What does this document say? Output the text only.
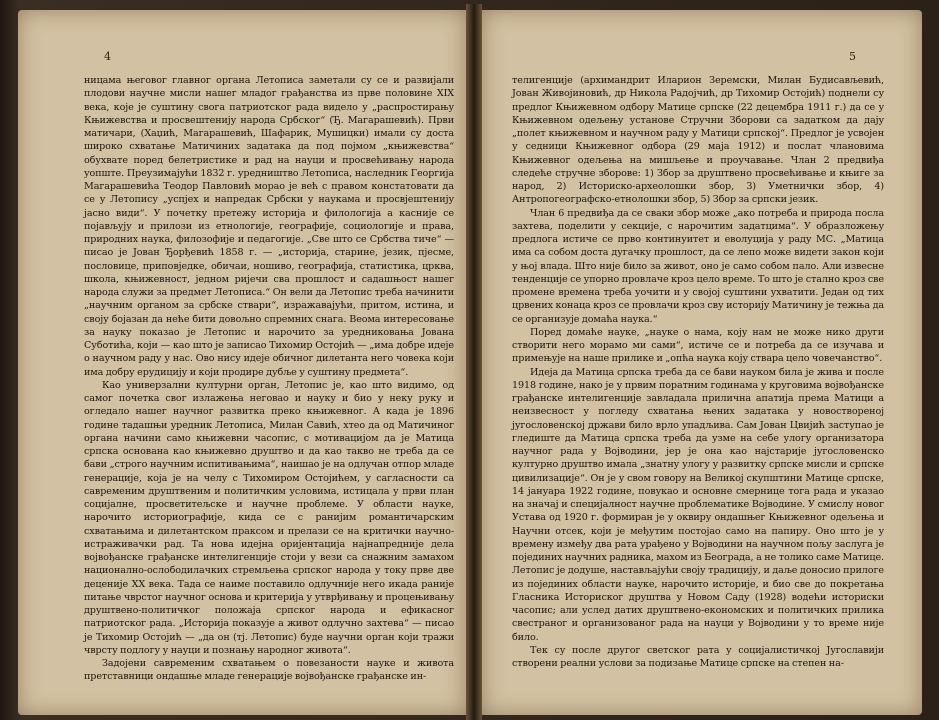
4

ницама његовог главног органа Летописа заметали су се и развијали плодови научне мисли нашег младог грађанства из прве половине XIX века, које је суштину свога патриотског рада видело у „распростирању Књижевства и просвештенију народа Србског“ (Ђ. Магарашевић). Први матичари, (Хаџић, Магарашевић, Шафарик, Мушицки) имали су доста широко схватање Матичиних задатака да под појмом „књижевства“ обухвате поред белетристике и рад на науци и просвећивању народа уопште. Преузимајући 1832 г. уредништво Летописа, наследник Георгија Магарашевића Теодор Павловић морао је већ с правом констатовати да се у Летопису „успјех и напредак Србски у наукама и просвјештенију јасно види“. У почетку претежу историја и филологија а касније се појављују и прилози из етнологије, географије, социологије и права, природних наука, филозофије и педагогије. „Све што се Србства тиче“ — писао је Јован Ђорђевић 1858 г. — „историја, старине, језик, пјесме, пословице, приповједке, обичаи, ношиво, географија, статистика, црква, школа, књижевност, једном ријечи сва прошлост и садашњост нашег народа служи за предмет Летописа.“ Он вели да Летопис треба начинити „научним органом за србске ствари“, изражавајући, притом, истина, и своју бојазан да неће бити довољно спремних снага. Веома интересовање за науку показао је Летопис и нарочито за уредниковања Јована Суботића, који — као што је записао Тихомир Остојић — „има добре идеје о научном раду у нас. Ово нису идеје обичног дилетанта него човека који има добру ерудицију и који продире дубље у суштину предмета“.

Као универзални културни орган, Летопис је, као што видимо, од самог почетка свог излажења неговао и науку и био у неку руку и огледало нашег научног развитка преко књижевног. А када је 1896 године тадашњи уредник Летописа, Милан Савић, хтео да од Матичиног органа начини само књижевни часопис, с мотивацијом да је Матица српска основана као књижевно друштво и да као такво не треба да се бави „строго научним испитивањима“, наишао је на одлучан отпор младе генерације, која је на челу с Тихомиром Остојићем, у сагласности са савременим друштвеним и политичким условима, истицала у први план социјалне, просветитељске и научне проблеме. У области науке, нарочито историографије, кида се с ранијим романтичарским схватањима и дилетантском праксом и прелази се на критички научно-истраживачки рад. Та нова идејна оријентација најнапредније дела војвођанске грађанске интелигенције стоји у вези са снажним замахом национално-ослободилачких стремљења српског народа у току прве две деценије XX века. Тада се наиме поставило одлучније него икада раније питање чврстог научног основа и критерија у утврђивању и процењивању друштвено-политичког положаја српског народа и ефикасног патриотског рада. „Историја показује а живот одлучно захтева“ — писао је Тихомир Остојић — „да он (тј. Летопис) буде научни орган који тражи чврсту подлогу у науци и познању народног живота“.

Задојени савременим схватањем о повезаности науке и живота претставници ондашње младе генерације војвођанске грађанске ин-

5

телигенције (архимандрит Иларион Зеремски, Милан Будисављевић, Јован Живојиновић, др Никола Радојчић, др Тихомир Остојић) поднели су предлог Књижевном одбору Матице српске (22 децембра 1911 г.) да се у Књижевном одељењу установе Стручни Зборови са задатком да дају „полет књижевном и научном раду у Матици српској“. Предлог је усвојен у седници Књижевног одбора (29 маја 1912) и послат члановима Књижевног одељења на мишљење и проучавање. Члан 2 предвиђа следеће стручне зборове: 1) Збор за друштвено просвећивање и књиге за народ, 2) Историско-археолошки збор, 3) Уметнички збор, 4) Антропогеографско-етнолошки збор, 5) Збор за српски језик.

Члан 6 предвиђа да се сваки збор може „ако потреба и природа посла захтева, поделити у секције, с нарочитим задатцима“. У образложењу предлога истиче се прво континуитет и еволуција у раду МС. „Матица има са собом доста дугачку прошлост, да се лепо може видети закон који у њој влада. Што није било за живот, оно је само собом пало. Али извесне тенденције се упорно провлаче кроз цело време. То што је стално кроз све промене времена треба уочити и у својој суштини ухватити. Један од тих црвених конаца кроз се провлачи кроз сву историју Матичину је тежња да се организује домаћа наука.“

Поред домаће науке, „науке о нама, коју нам не може нико други створити него морамо ми сами“, истиче се и потреба да се изучава и примењује на наше прилике и „опћа наука коју ствара цело човечанство“.

Идеја да Матица српска треба да се бави науком била је жива и после 1918 године, нако је у првим поратним годинама у круговима војвођанске грађанске интелигенције завладала прилична апатија према Матици а неизвесност у погледу схватања њених задатака у новоствореној југословенској држави било врло упадљива. Сам Јован Цвијић заступао је гледиште да Матица српска треба да узме на себе улогу организатора научног рада у Војводини, јер је она као најстарије југословенско културно друштво имала „знатну улогу у развитку српске мисли и српске цивилизације“. Он је у свом говору на Великој скупштини Матице српске, 14 јануара 1922 године, повукао и основне смернице тога рада и указао на значај и специјалност научне проблематике Војводине. У смислу новог Устава од 1920 г. формиран је у оквиру ондашњег Књижевног одељења и Научни отсек, који је међутим постојао само на папиру. Оно што је у времену између два рата урађено у Војводини на научном пољу заслуга је појединих научних радника, махом из Београда, а не толико саме Матице. Летопис је додуше, настављајући своју традицију, и даље доносио прилоге из појединих области науке, нарочито историје, и био све до покретања Гласника Историског друштва у Новом Саду (1928) водећи историски часопис; али услед датих друштвено-економских и политичких прилика свестраног и организованог рада на науци у Војводини у то време није било.

Тек су после другог светског рата у социјалистичкој Југославији створени реални услови за подизање Матице српске на степен на-
